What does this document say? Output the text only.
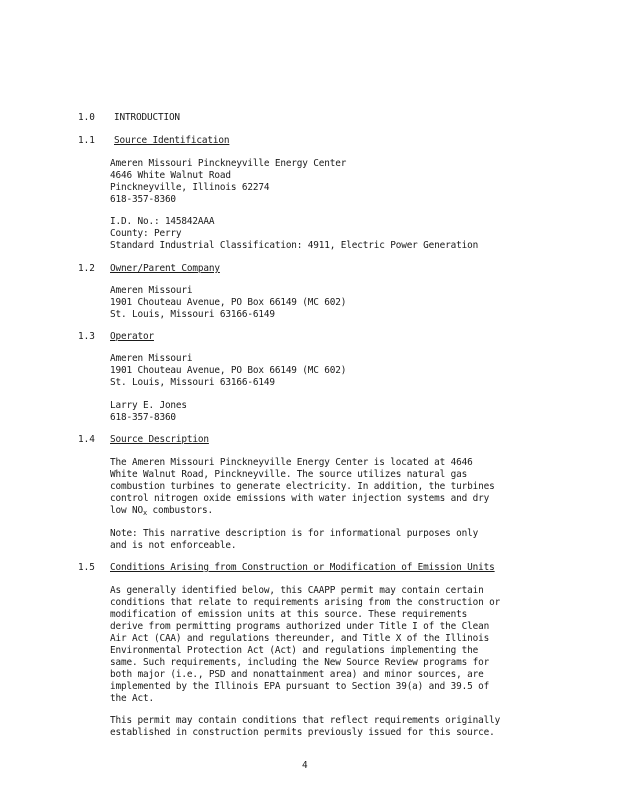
1.0 INTRODUCTION
1.1 Source Identification
Ameren Missouri Pinckneyville Energy Center
4646 White Walnut Road
Pinckneyville, Illinois 62274
618-357-8360
I.D. No.: 145842AAA
County: Perry
Standard Industrial Classification: 4911, Electric Power Generation
1.2 Owner/Parent Company
Ameren Missouri
1901 Chouteau Avenue, PO Box 66149 (MC 602)
St. Louis, Missouri 63166-6149
1.3 Operator
Ameren Missouri
1901 Chouteau Avenue, PO Box 66149 (MC 602)
St. Louis, Missouri 63166-6149
Larry E. Jones
618-357-8360
1.4 Source Description
The Ameren Missouri Pinckneyville Energy Center is located at 4646
White Walnut Road, Pinckneyville. The source utilizes natural gas
combustion turbines to generate electricity. In addition, the turbines
control nitrogen oxide emissions with water injection systems and dry
low $NO_x$ combustors.
Note: This narrative description is for informational purposes only
and is not enforceable.
1.5 Conditions Arising from Construction or Modification of Emission Units
As generally identified below, this CAAPP permit may contain certain
conditions that relate to requirements arising from the construction or
modification of emission units at this source. These requirements
derive from permitting programs authorized under Title I of the Clean
Air Act (CAA) and regulations thereunder, and Title X of the Illinois
Environmental Protection Act (Act) and regulations implementing the
same. Such requirements, including the New Source Review programs for
both major (i.e., PSD and nonattainment area) and minor sources, are
implemented by the Illinois EPA pursuant to Section 39(a) and 39.5 of
the Act.
This permit may contain conditions that reflect requirements originally
established in construction permits previously issued for this source.
4
